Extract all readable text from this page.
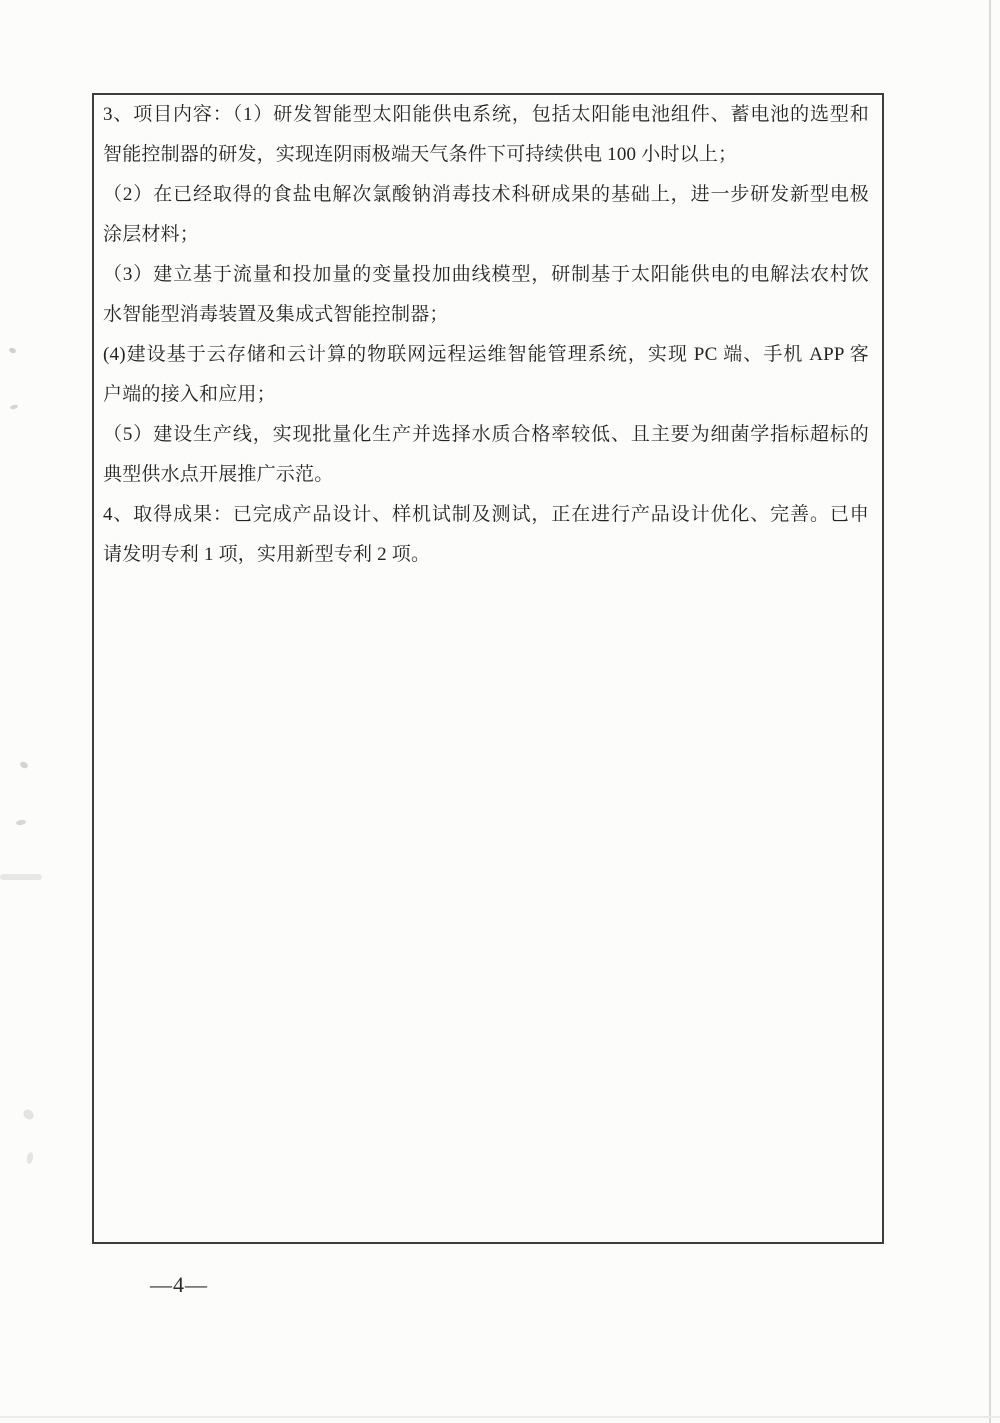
3、项目内容：（1）研发智能型太阳能供电系统，包括太阳能电池组件、蓄电池的选型和

智能控制器的研发，实现连阴雨极端天气条件下可持续供电 100 小时以上；

（2）在已经取得的食盐电解次氯酸钠消毒技术科研成果的基础上，进一步研发新型电极

涂层材料；

（3）建立基于流量和投加量的变量投加曲线模型，研制基于太阳能供电的电解法农村饮

水智能型消毒装置及集成式智能控制器；

(4)建设基于云存储和云计算的物联网远程运维智能管理系统，实现 PC 端、手机 APP 客

户端的接入和应用；

（5）建设生产线，实现批量化生产并选择水质合格率较低、且主要为细菌学指标超标的

典型供水点开展推广示范。

4、取得成果：已完成产品设计、样机试制及测试，正在进行产品设计优化、完善。已申

请发明专利 1 项，实用新型专利 2 项。

—4—
